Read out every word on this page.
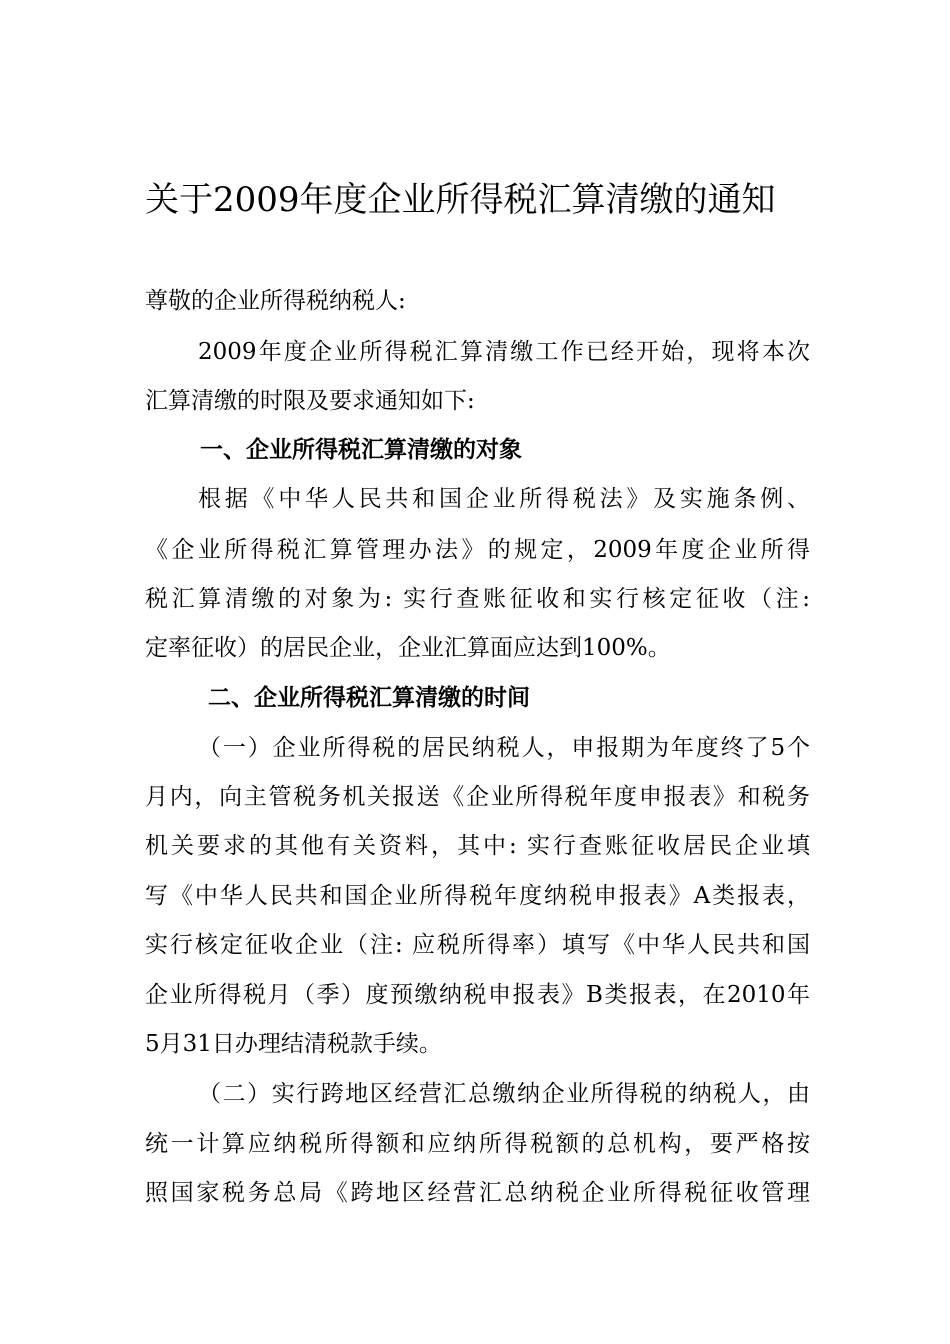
关于2009年度企业所得税汇算清缴的通知
尊敬的企业所得税纳税人:
2009年度企业所得税汇算清缴工作已经开始，现将本次
汇算清缴的时限及要求通知如下:
一、企业所得税汇算清缴的对象
根据《中华人民共和国企业所得税法》及实施条例、
《企业所得税汇算管理办法》的规定，2009年度企业所得
税汇算清缴的对象为: 实行查账征收和实行核定征收（注:
定率征收）的居民企业，企业汇算面应达到100%。
二、企业所得税汇算清缴的时间
（一）企业所得税的居民纳税人，申报期为年度终了5个
月内，向主管税务机关报送《企业所得税年度申报表》和税务
机关要求的其他有关资料，其中: 实行查账征收居民企业填
写《中华人民共和国企业所得税年度纳税申报表》A类报表，
实行核定征收企业（注: 应税所得率）填写《中华人民共和国
企业所得税月（季）度预缴纳税申报表》B类报表，在2010年
5月31日办理结清税款手续。
（二）实行跨地区经营汇总缴纳企业所得税的纳税人，由
统一计算应纳税所得额和应纳所得税额的总机构，要严格按
照国家税务总局《跨地区经营汇总纳税企业所得税征收管理
